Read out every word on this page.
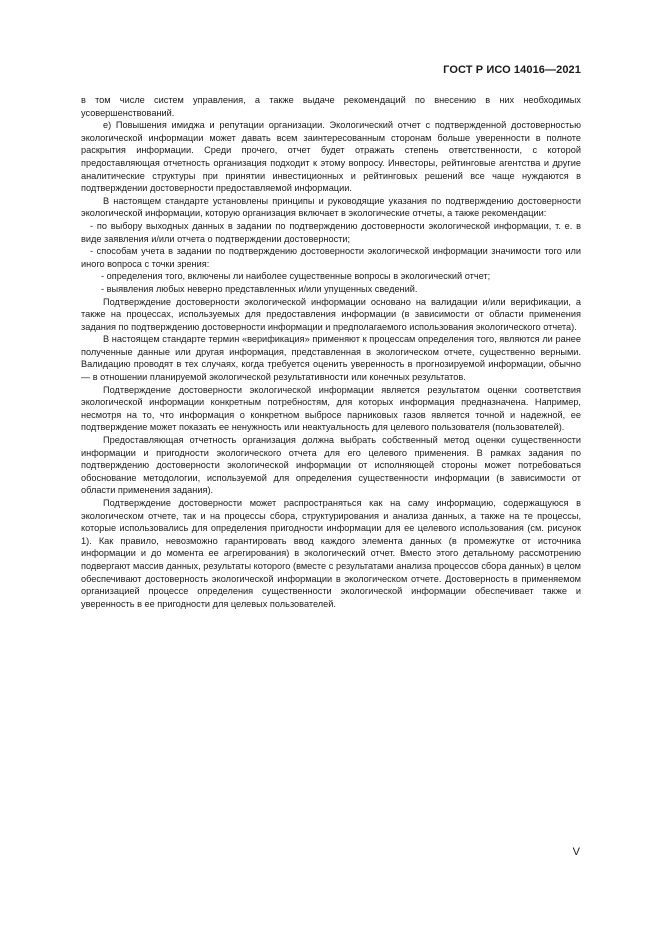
ГОСТ Р ИСО 14016—2021

в том числе систем управления, а также выдаче рекомендаций по внесению в них необходимых усовершенствований.

е) Повышения имиджа и репутации организации. Экологический отчет с подтвержденной достоверностью экологической информации может давать всем заинтересованным сторонам больше уверенности в полноте раскрытия информации. Среди прочего, отчет будет отражать степень ответственности, с которой предоставляющая отчетность организация подходит к этому вопросу. Инвесторы, рейтинговые агентства и другие аналитические структуры при принятии инвестиционных и рейтинговых решений все чаще нуждаются в подтверждении достоверности предоставляемой информации.

В настоящем стандарте установлены принципы и руководящие указания по подтверждению достоверности экологической информации, которую организация включает в экологические отчеты, а также рекомендации:

- по выбору выходных данных в задании по подтверждению достоверности экологической информации, т. е. в виде заявления и/или отчета о подтверждении достоверности;

- способам учета в задании по подтверждению достоверности экологической информации значимости того или иного вопроса с точки зрения:

- определения того, включены ли наиболее существенные вопросы в экологический отчет;

- выявления любых неверно представленных и/или упущенных сведений.

Подтверждение достоверности экологической информации основано на валидации и/или верификации, а также на процессах, используемых для предоставления информации (в зависимости от области применения задания по подтверждению достоверности информации и предполагаемого использования экологического отчета).

В настоящем стандарте термин «верификация» применяют к процессам определения того, являются ли ранее полученные данные или другая информация, представленная в экологическом отчете, существенно верными. Валидацию проводят в тех случаях, когда требуется оценить уверенность в прогнозируемой информации, обычно — в отношении планируемой экологической результативности или конечных результатов.

Подтверждение достоверности экологической информации является результатом оценки соответствия экологической информации конкретным потребностям, для которых информация предназначена. Например, несмотря на то, что информация о конкретном выбросе парниковых газов является точной и надежной, ее подтверждение может показать ее ненужность или неактуальность для целевого пользователя (пользователей).

Предоставляющая отчетность организация должна выбрать собственный метод оценки существенности информации и пригодности экологического отчета для его целевого применения. В рамках задания по подтверждению достоверности экологической информации от исполняющей стороны может потребоваться обоснование методологии, используемой для определения существенности информации (в зависимости от области применения задания).

Подтверждение достоверности может распространяться как на саму информацию, содержащуюся в экологическом отчете, так и на процессы сбора, структурирования и анализа данных, а также на те процессы, которые использовались для определения пригодности информации для ее целевого использования (см. рисунок 1). Как правило, невозможно гарантировать ввод каждого элемента данных (в промежутке от источника информации и до момента ее агрегирования) в экологический отчет. Вместо этого детальному рассмотрению подвергают массив данных, результаты которого (вместе с результатами анализа процессов сбора данных) в целом обеспечивают достоверность экологической информации в экологическом отчете. Достоверность в применяемом организацией процессе определения существенности экологической информации обеспечивает также и уверенность в ее пригодности для целевых пользователей.

V
